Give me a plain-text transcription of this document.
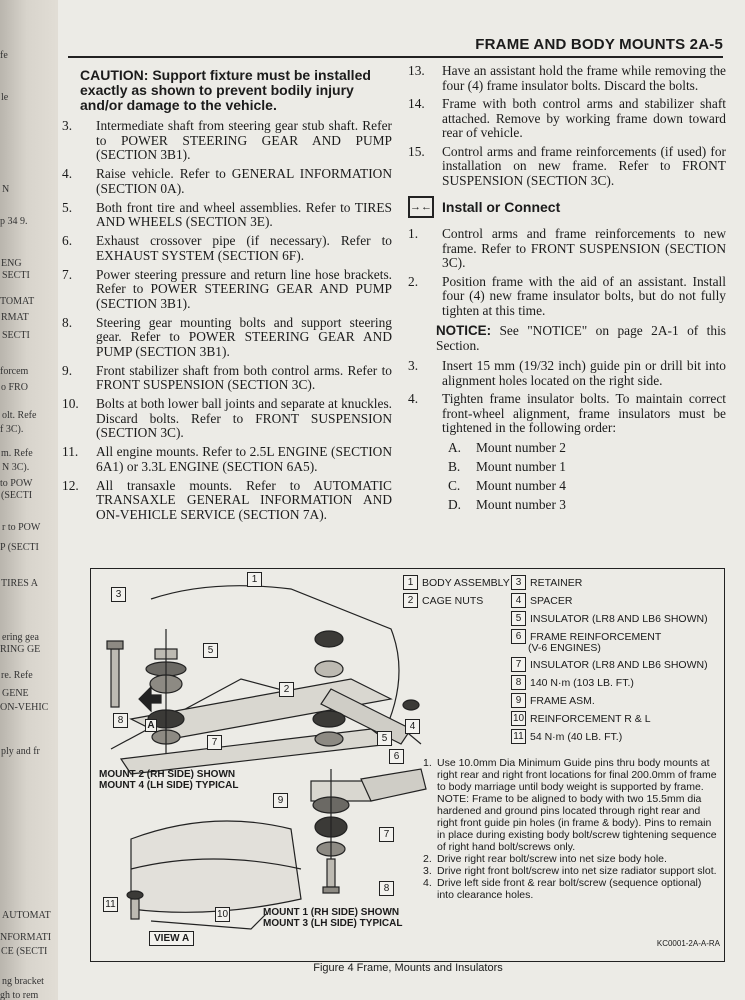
fe
le
N
p 34 9.
ENG
SECTI
TOMAT
RMAT
SECTI
forcem
o FRO
olt. Refe
f 3C).
m. Refe
N 3C).
to POW
(SECTI
r to POW
P (SECTI
TIRES A
ering gea
RING GE
re. Refe
GENE
ON-VEHIC
ply and fr
AUTOMAT
NFORMATI
CE (SECTI
ng bracket
gh to rem
FRAME AND BODY MOUNTS 2A-5
CAUTION: Support fixture must be installed exactly as shown to prevent bodily injury and/or damage to the vehicle.
3. Intermediate shaft from steering gear stub shaft. Refer to POWER STEERING GEAR AND PUMP (SECTION 3B1).
4. Raise vehicle. Refer to GENERAL INFORMATION (SECTION 0A).
5. Both front tire and wheel assemblies. Refer to TIRES AND WHEELS (SECTION 3E).
6. Exhaust crossover pipe (if necessary). Refer to EXHAUST SYSTEM (SECTION 6F).
7. Power steering pressure and return line hose brackets. Refer to POWER STEERING GEAR AND PUMP (SECTION 3B1).
8. Steering gear mounting bolts and support steering gear. Refer to POWER STEERING GEAR AND PUMP (SECTION 3B1).
9. Front stabilizer shaft from both control arms. Refer to FRONT SUSPENSION (SECTION 3C).
10. Bolts at both lower ball joints and separate at knuckles. Discard bolts. Refer to FRONT SUSPENSION (SECTION 3C).
11. All engine mounts. Refer to 2.5L ENGINE (SECTION 6A1) or 3.3L ENGINE (SECTION 6A5).
12. All transaxle mounts. Refer to AUTOMATIC TRANSAXLE GENERAL INFORMATION AND ON-VEHICLE SERVICE (SECTION 7A).
13. Have an assistant hold the frame while removing the four (4) frame insulator bolts. Discard the bolts.
14. Frame with both control arms and stabilizer shaft attached. Remove by working frame down toward rear of vehicle.
15. Control arms and frame reinforcements (if used) for installation on new frame. Refer to FRONT SUSPENSION (SECTION 3C).
→← Install or Connect
1. Control arms and frame reinforcements to new frame. Refer to FRONT SUSPENSION (SECTION 3C).
2. Position frame with the aid of an assistant. Install four (4) new frame insulator bolts, but do not fully tighten at this time.
NOTICE: See "NOTICE" on page 2A-1 of this Section.
3. Insert 15 mm (19/32 inch) guide pin or drill bit into alignment holes located on the right side.
4. Tighten frame insulator bolts. To maintain correct front-wheel alignment, frame insulators must be tightened in the following order:
A. Mount number 2
B. Mount number 1
C. Mount number 4
D. Mount number 3
1
2
3
4
5
5
6
7
7
8
8
9
10
11
MOUNT 2 (RH SIDE) SHOWN
MOUNT 4 (LH SIDE) TYPICAL
MOUNT 1 (RH SIDE) SHOWN
MOUNT 3 (LH SIDE) TYPICAL
VIEW A
A
1 BODY ASSEMBLY
2 CAGE NUTS
3 RETAINER
4 SPACER
5 INSULATOR (LR8 AND LB6 SHOWN)
6 FRAME REINFORCEMENT
(V-6 ENGINES)
7 INSULATOR (LR8 AND LB6 SHOWN)
8 140 N·m (103 LB. FT.)
9 FRAME ASM.
10 REINFORCEMENT R & L
11 54 N·m (40 LB. FT.)
1. Use 10.0mm Dia Minimum Guide pins thru body mounts at right rear and right front locations for final 200.0mm of frame to body marriage until body weight is supported by frame.
NOTE: Frame to be aligned to body with two 15.5mm dia hardened and ground pins located through right rear and right front guide pin holes (in frame & body). Pins to remain in place during existing body bolt/screw tightening sequence of right hand bolt/screws only.
2. Drive right rear bolt/screw into net size body hole.
3. Drive right front bolt/screw into net size radiator support slot.
4. Drive left side front & rear bolt/screw (sequence optional) into clearance holes.
KC0001-2A-A-RA
Figure 4 Frame, Mounts and Insulators
